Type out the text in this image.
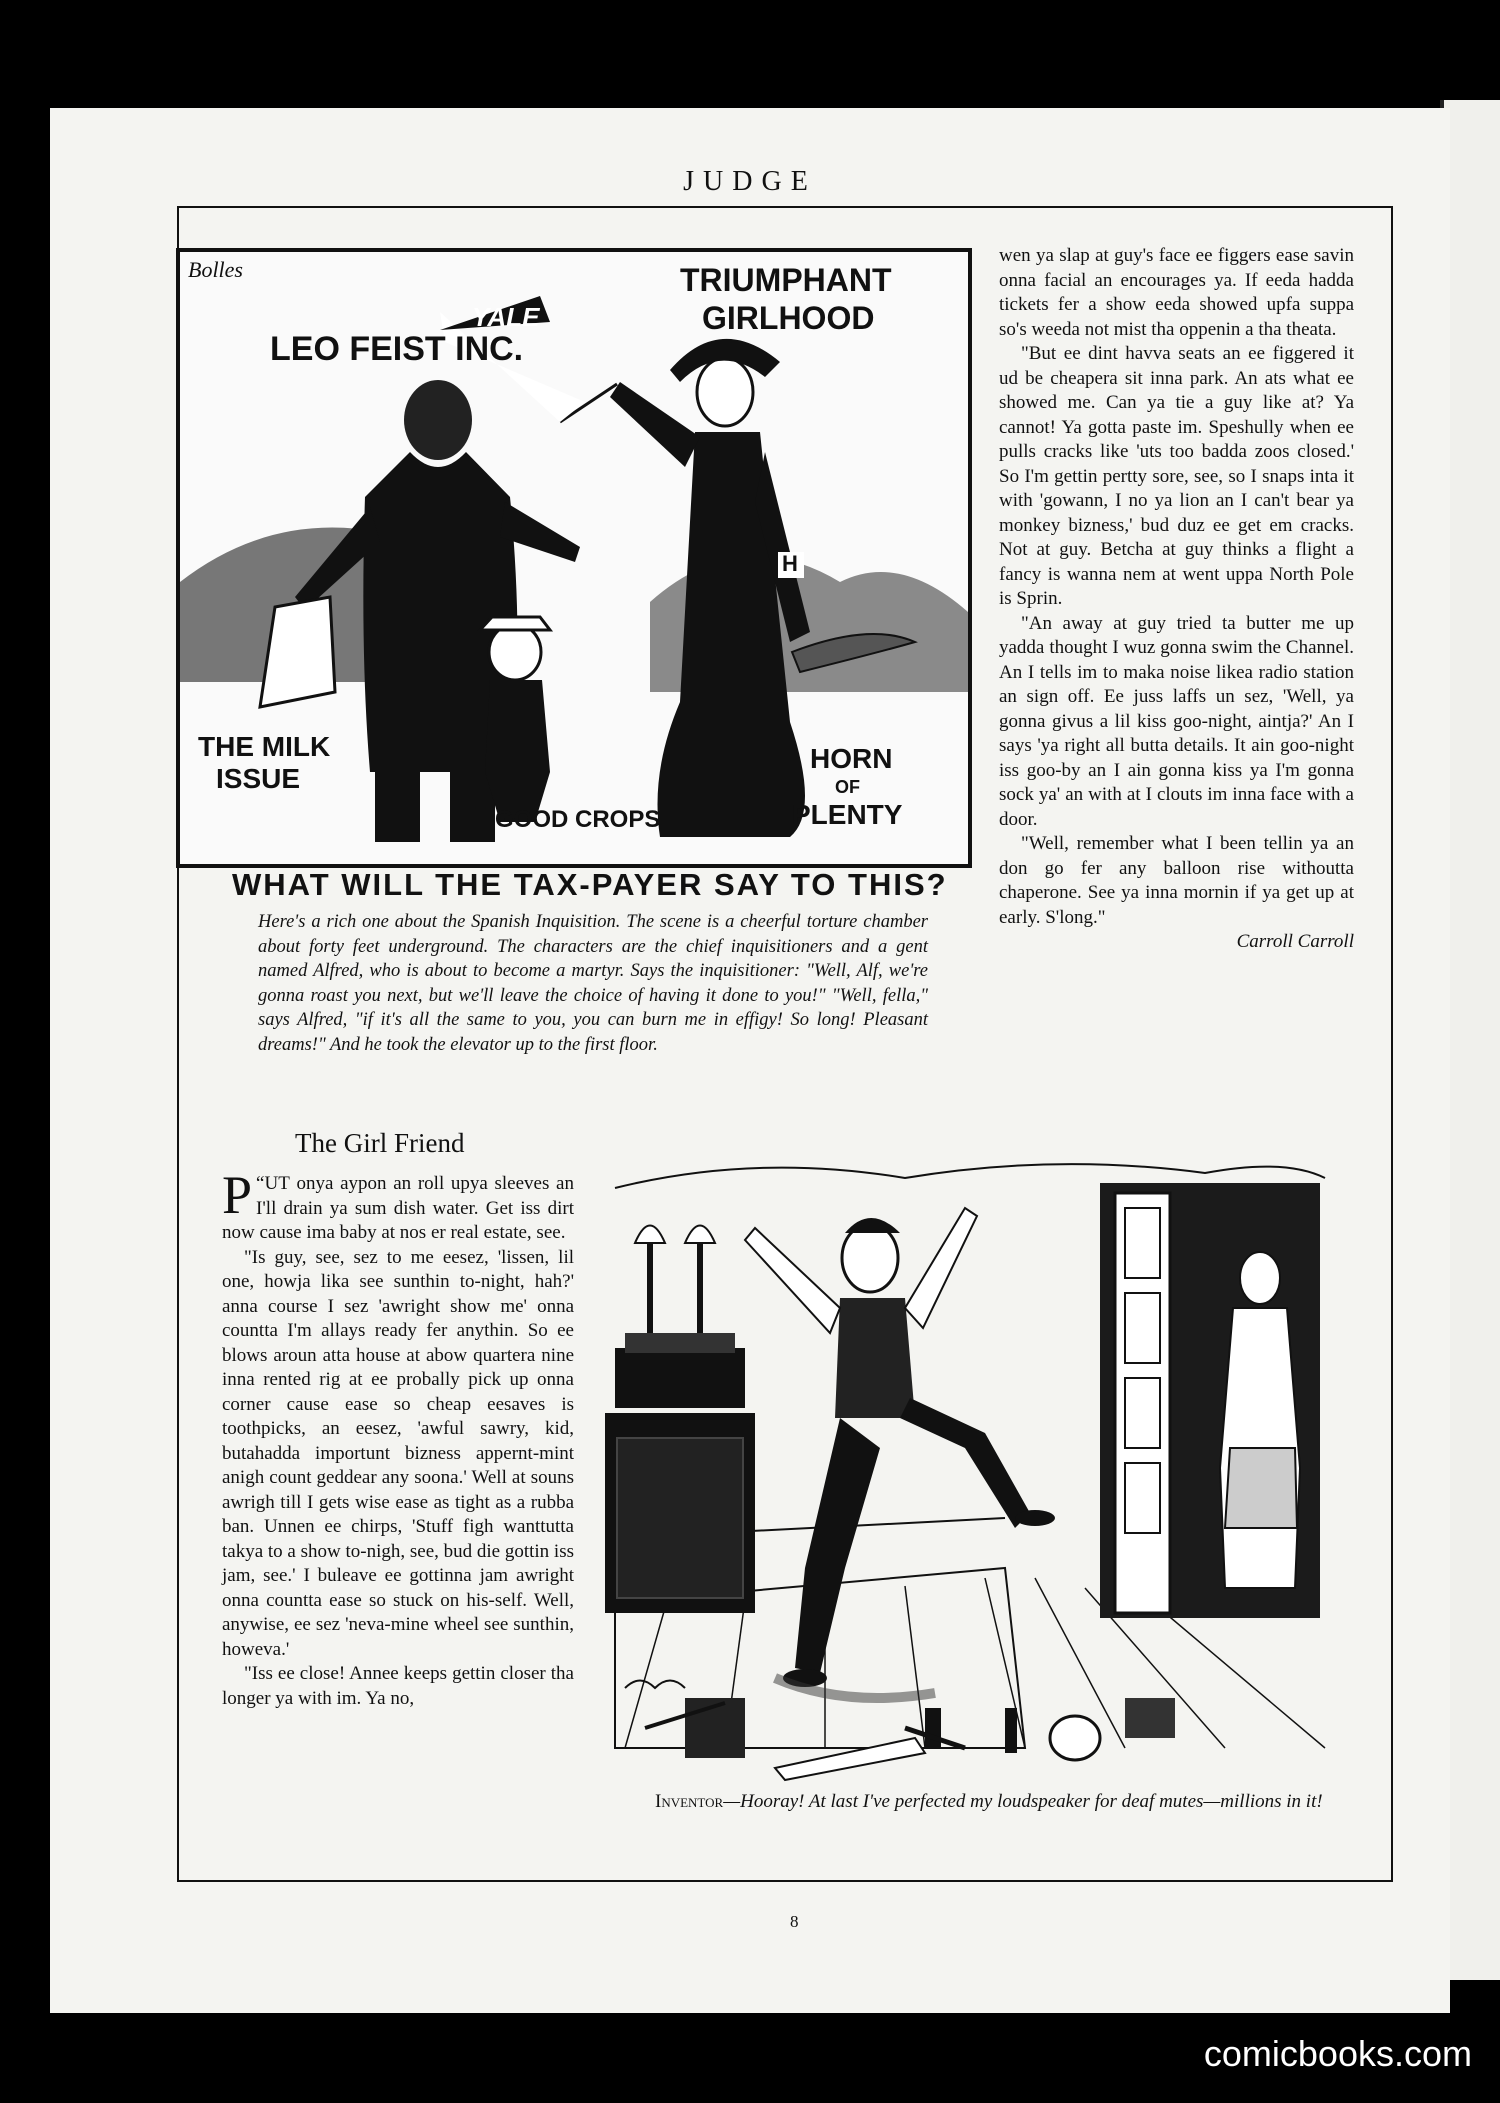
JUDGE
Bolles
LEO FEIST INC.
YALE
TRIUMPHANT
GIRLHOOD
H
THE MILK
ISSUE
GOOD CROPS
HORN
OF
PLENTY
WHAT WILL THE TAX-PAYER SAY TO THIS?
Here's a rich one about the Spanish Inquisition. The scene is a cheerful torture chamber about forty feet underground. The characters are the chief inquisitioners and a gent named Alfred, who is about to become a martyr. Says the inquisitioner: "Well, Alf, we're gonna roast you next, but we'll leave the choice of having it done to you!" "Well, fella," says Alfred, "if it's all the same to you, you can burn me in effigy! So long! Pleasant dreams!" And he took the elevator up to the first floor.

wen ya slap at guy's face ee figgers ease savin onna facial an encourages ya. If eeda hadda tickets fer a show eeda showed upfa suppa so's weeda not mist tha oppenin a tha theata.

"But ee dint havva seats an ee figgered it ud be cheapera sit inna park. An ats what ee showed me. Can ya tie a guy like at? Ya cannot! Ya gotta paste im. Speshully when ee pulls cracks like 'uts too badda zoos closed.' So I'm gettin pertty sore, see, so I snaps inta it with 'gowann, I no ya lion an I can't bear ya monkey bizness,' bud duz ee get em cracks. Not at guy. Betcha at guy thinks a flight a fancy is wanna nem at went uppa North Pole is Sprin.

"An away at guy tried ta butter me up yadda thought I wuz gonna swim the Channel. An I tells im to maka noise likea radio station an sign off. Ee juss laffs un sez, 'Well, ya gonna givus a lil kiss goo-night, aintja?' An I says 'ya right all butta details. It ain goo-night iss goo-by an I ain gonna kiss ya I'm gonna sock ya' an with at I clouts im inna face with a door.

"Well, remember what I been tellin ya an don go fer any balloon rise withoutta chaperone. See ya inna mornin if ya get up at early. S'long."

Carroll Carroll
The Girl Friend

“
P UT onya aypon an roll upya sleeves an I'll drain ya sum dish water. Get iss dirt now cause ima baby at nos er real estate, see.

"Is guy, see, sez to me eesez, 'lissen, lil one, howja lika see sunthin to-night, hah?' anna course I sez 'awright show me' onna countta I'm allays ready fer anythin. So ee blows aroun atta house at abow quartera nine inna rented rig at ee probally pick up onna corner cause ease so cheap eesaves is toothpicks, an eesez, 'awful sawry, kid, butahadda importunt bizness appernt-mint anigh count geddear any soona.' Well at souns awrigh till I gets wise ease as tight as a rubba ban. Unnen ee chirps, 'Stuff figh wanttutta takya to a show to-nigh, see, bud die gottin iss jam, see.' I buleave ee gottinna jam awright onna countta ease so stuck on his-self. Well, anywise, ee sez 'neva-mine wheel see sunthin, howeva.'

"Iss ee close! Annee keeps gettin closer tha longer ya with im. Ya no,

Inventor—Hooray! At last I've perfected my loudspeaker for deaf mutes—millions in it!
8
comicbooks.com
